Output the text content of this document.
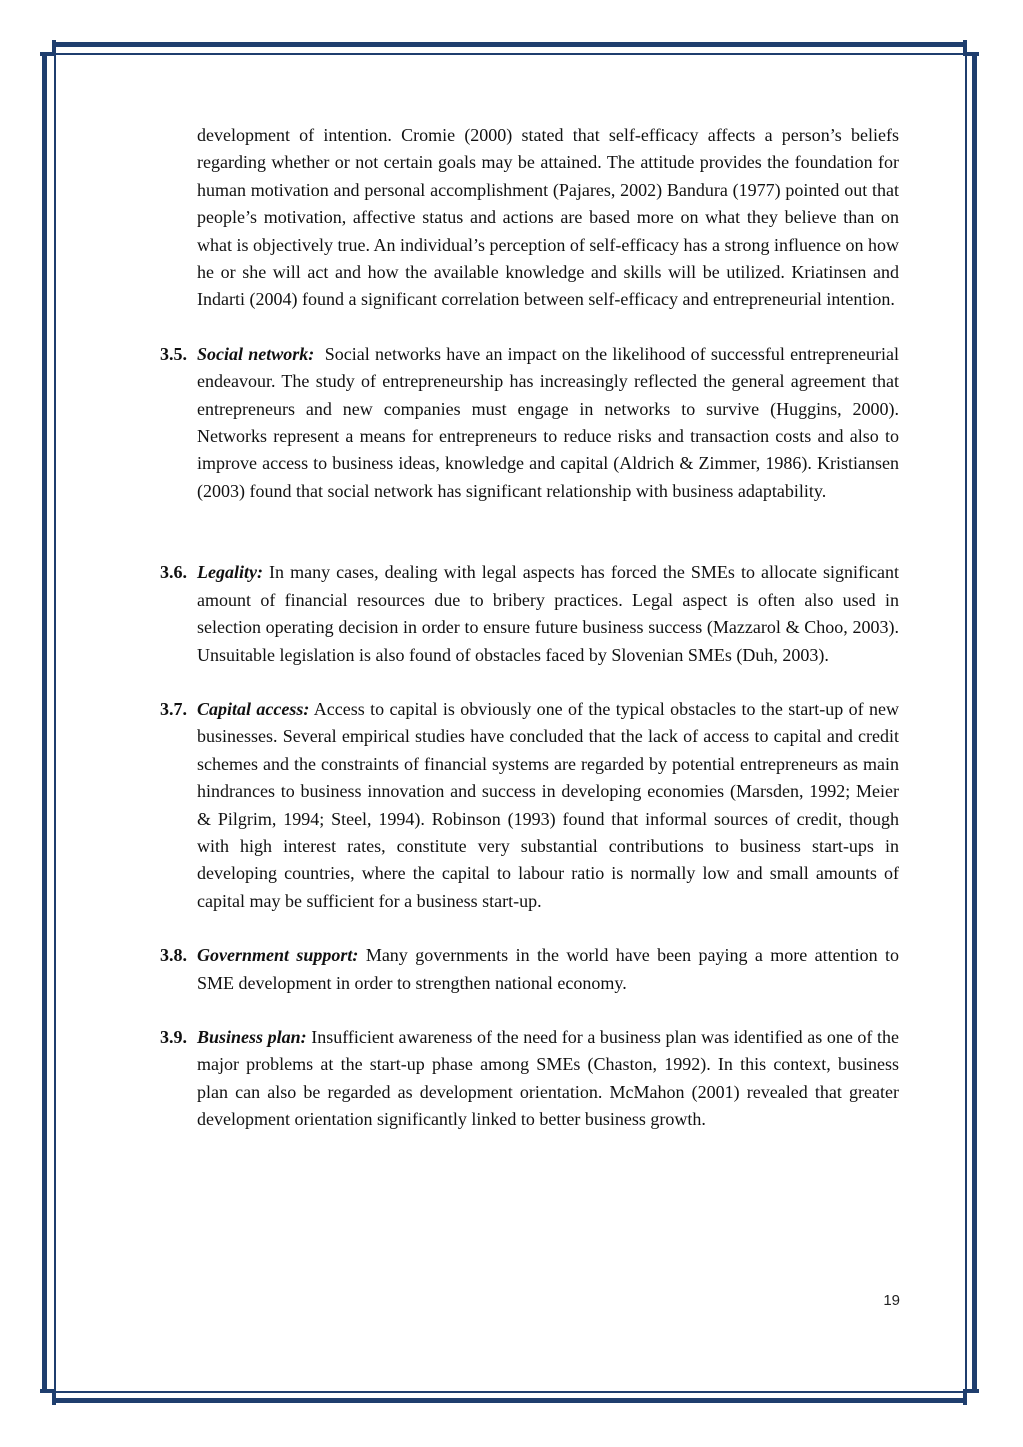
development of intention. Cromie (2000) stated that self-efficacy affects a person’s beliefs regarding whether or not certain goals may be attained. The attitude provides the foundation for human motivation and personal accomplishment (Pajares, 2002) Bandura (1977) pointed out that people’s motivation, affective status and actions are based more on what they believe than on what is objectively true. An individual’s perception of self-efficacy has a strong influence on how he or she will act and how the available knowledge and skills will be utilized. Kriatinsen and Indarti (2004) found a significant correlation between self-efficacy and entrepreneurial intention.

3.5. Social network: Social networks have an impact on the likelihood of successful entrepreneurial endeavour. The study of entrepreneurship has increasingly reflected the general agreement that entrepreneurs and new companies must engage in networks to survive (Huggins, 2000). Networks represent a means for entrepreneurs to reduce risks and transaction costs and also to improve access to business ideas, knowledge and capital (Aldrich & Zimmer, 1986). Kristiansen (2003) found that social network has significant relationship with business adaptability.
3.6. Legality: In many cases, dealing with legal aspects has forced the SMEs to allocate significant amount of financial resources due to bribery practices. Legal aspect is often also used in selection operating decision in order to ensure future business success (Mazzarol & Choo, 2003). Unsuitable legislation is also found of obstacles faced by Slovenian SMEs (Duh, 2003).
3.7. Capital access: Access to capital is obviously one of the typical obstacles to the start-up of new businesses. Several empirical studies have concluded that the lack of access to capital and credit schemes and the constraints of financial systems are regarded by potential entrepreneurs as main hindrances to business innovation and success in developing economies (Marsden, 1992; Meier & Pilgrim, 1994; Steel, 1994). Robinson (1993) found that informal sources of credit, though with high interest rates, constitute very substantial contributions to business start-ups in developing countries, where the capital to labour ratio is normally low and small amounts of capital may be sufficient for a business start-up.
3.8. Government support: Many governments in the world have been paying a more attention to SME development in order to strengthen national economy.
3.9. Business plan: Insufficient awareness of the need for a business plan was identified as one of the major problems at the start-up phase among SMEs (Chaston, 1992). In this context, business plan can also be regarded as development orientation. McMahon (2001) revealed that greater development orientation significantly linked to better business growth.
19
